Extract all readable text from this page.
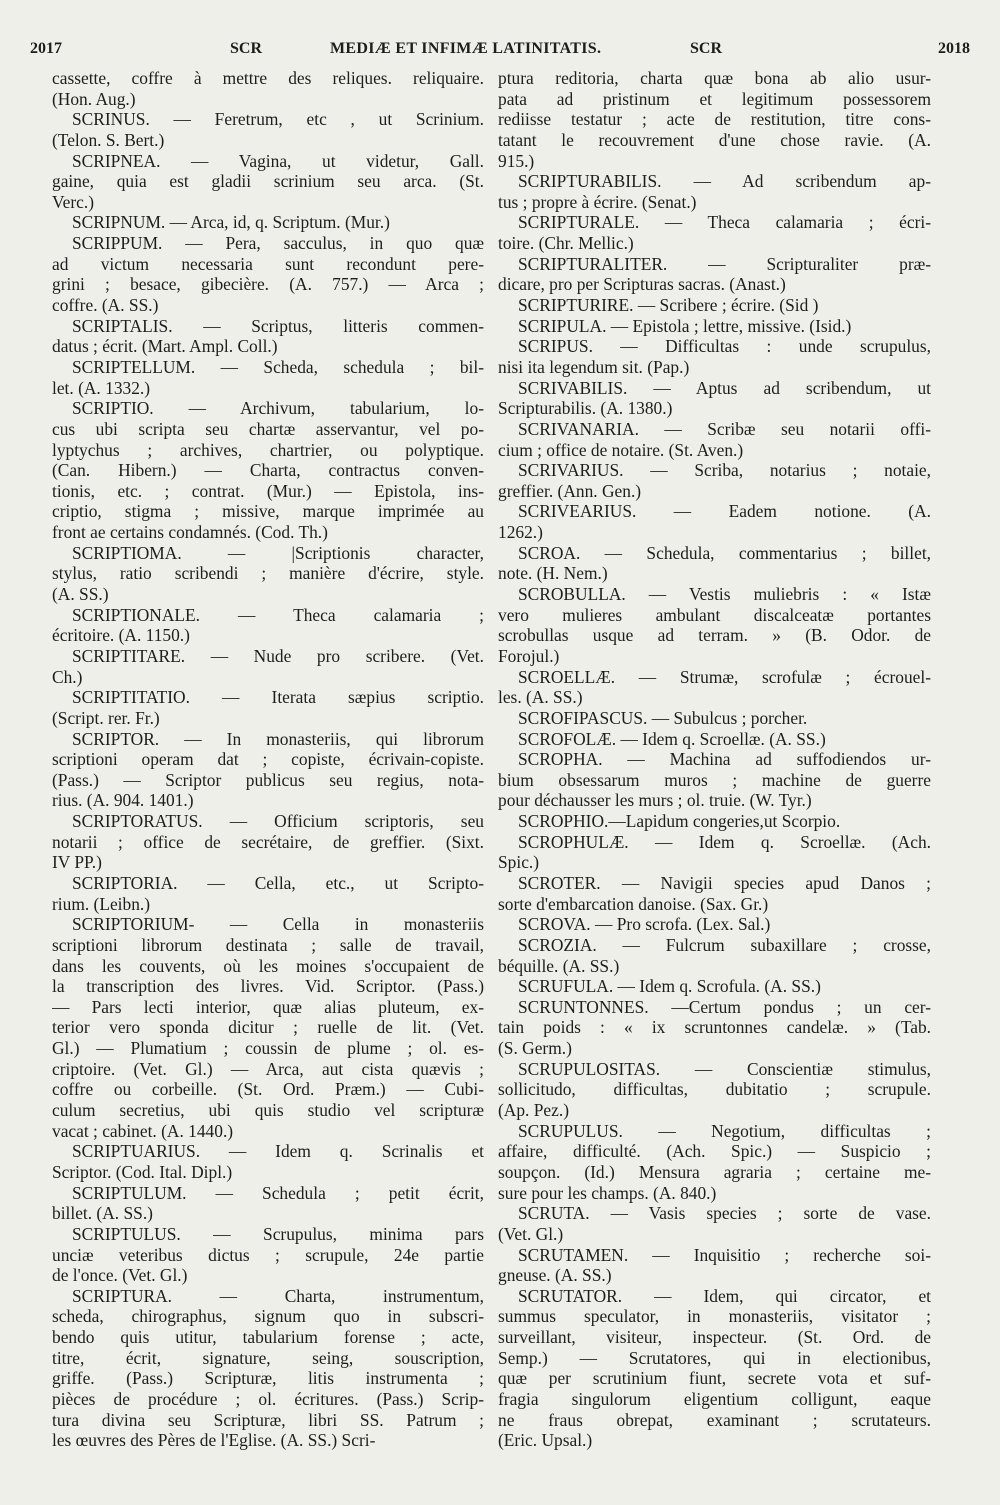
2017	SCR	MEDIÆ ET INFIMÆ LATINITATIS.	SCR	2018
cassette, coffre à mettre des reliques. reliquaire.
(Hon. Aug.)
SCRINUS. — Feretrum, etc , ut Scrinium.
(Telon. S. Bert.)
SCRIPNEA. — Vagina, ut videtur, Gall.
gaine, quia est gladii scrinium seu arca. (St.
Verc.)
SCRIPNUM. — Arca, id, q. Scriptum. (Mur.)
SCRIPPUM. — Pera, sacculus, in quo quæ
ad victum necessaria sunt recondunt pere-
grini ; besace, gibecière. (A. 757.) — Arca ;
coffre. (A. SS.)
SCRIPTALIS. — Scriptus, litteris commen-
datus ; écrit. (Mart. Ampl. Coll.)
SCRIPTELLUM. — Scheda, schedula ; bil-
let. (A. 1332.)
SCRIPTIO. — Archivum, tabularium, lo-
cus ubi scripta seu chartæ asservantur, vel po-
lyptychus ; archives, chartrier, ou polyptique.
(Can. Hibern.) — Charta, contractus conven-
tionis, etc. ; contrat. (Mur.) — Epistola, ins-
criptio, stigma ; missive, marque imprimée au
front ae certains condamnés. (Cod. Th.)
SCRIPTIOMA. — |Scriptionis character,
stylus, ratio scribendi ; manière d'écrire, style.
(A. SS.)
SCRIPTIONALE. — Theca calamaria ;
écritoire. (A. 1150.)
SCRIPTITARE. — Nude pro scribere. (Vet.
Ch.)
SCRIPTITATIO. — Iterata sæpius scriptio.
(Script. rer. Fr.)
SCRIPTOR. — In monasteriis, qui librorum
scriptioni operam dat ; copiste, écrivain-copiste.
(Pass.) — Scriptor publicus seu regius, nota-
rius. (A. 904. 1401.)
SCRIPTORATUS. — Officium scriptoris, seu
notarii ; office de secrétaire, de greffier. (Sixt.
IV PP.)
SCRIPTORIA. — Cella, etc., ut Scripto-
rium. (Leibn.)
SCRIPTORIUM- — Cella in monasteriis
scriptioni librorum destinata ; salle de travail,
dans les couvents, où les moines s'occupaient de
la transcription des livres. Vid. Scriptor. (Pass.)
— Pars lecti interior, quæ alias pluteum, ex-
terior vero sponda dicitur ; ruelle de lit. (Vet.
Gl.) — Plumatium ; coussin de plume ; ol. es-
criptoire. (Vet. Gl.) — Arca, aut cista quævis ;
coffre ou corbeille. (St. Ord. Præm.) — Cubi-
culum secretius, ubi quis studio vel scripturæ
vacat ; cabinet. (A. 1440.)
SCRIPTUARIUS. — Idem q. Scrinalis et
Scriptor. (Cod. Ital. Dipl.)
SCRIPTULUM. — Schedula ; petit écrit,
billet. (A. SS.)
SCRIPTULUS. — Scrupulus, minima pars
unciæ veteribus dictus ; scrupule, 24e partie
de l'once. (Vet. Gl.)
SCRIPTURA. — Charta, instrumentum,
scheda, chirographus, signum quo in subscri-
bendo quis utitur, tabularium forense ; acte,
titre, écrit, signature, seing, souscription,
griffe. (Pass.) Scripturæ, litis instrumenta ;
pièces de procédure ; ol. écritures. (Pass.) Scrip-
tura divina seu Scripturæ, libri SS. Patrum ;
les œuvres des Pères de l'Eglise. (A. SS.) Scri-
ptura reditoria, charta quæ bona ab alio usur-
pata ad pristinum et legitimum possessorem
rediisse testatur ; acte de restitution, titre cons-
tatant le recouvrement d'une chose ravie. (A.
915.)
SCRIPTURABILIS. — Ad scribendum ap-
tus ; propre à écrire. (Senat.)
SCRIPTURALE. — Theca calamaria ; écri-
toire. (Chr. Mellic.)
SCRIPTURALITER. — Scripturaliter præ-
dicare, pro per Scripturas sacras. (Anast.)
SCRIPTURIRE. — Scribere ; écrire. (Sid )
SCRIPULA. — Epistola ; lettre, missive. (Isid.)
SCRIPUS. — Difficultas : unde scrupulus,
nisi ita legendum sit. (Pap.)
SCRIVABILIS. — Aptus ad scribendum, ut
Scripturabilis. (A. 1380.)
SCRIVANARIA. — Scribæ seu notarii offi-
cium ; office de notaire. (St. Aven.)
SCRIVARIUS. — Scriba, notarius ; notaie,
greffier. (Ann. Gen.)
SCRIVEARIUS. — Eadem notione. (A.
1262.)
SCROA. — Schedula, commentarius ; billet,
note. (H. Nem.)
SCROBULLA. — Vestis muliebris : « Istæ
vero mulieres ambulant discalceatæ portantes
scrobullas usque ad terram. » (B. Odor. de
Forojul.)
SCROELLÆ. — Strumæ, scrofulæ ; écrouel-
les. (A. SS.)
SCROFIPASCUS. — Subulcus ; porcher.
SCROFOLÆ. — Idem q. Scroellæ. (A. SS.)
SCROPHA. — Machina ad suffodiendos ur-
bium obsessarum muros ; machine de guerre
pour déchausser les murs ; ol. truie. (W. Tyr.)
SCROPHIO.—Lapidum congeries,ut Scorpio.
SCROPHULÆ. — Idem q. Scroellæ. (Ach.
Spic.)
SCROTER. — Navigii species apud Danos ;
sorte d'embarcation danoise. (Sax. Gr.)
SCROVA. — Pro scrofa. (Lex. Sal.)
SCROZIA. — Fulcrum subaxillare ; crosse,
béquille. (A. SS.)
SCRUFULA. — Idem q. Scrofula. (A. SS.)
SCRUNTONNES. —Certum pondus ; un cer-
tain poids : « ix scruntonnes candelæ. » (Tab.
(S. Germ.)
SCRUPULOSITAS. — Conscientiæ stimulus,
sollicitudo, difficultas, dubitatio ; scrupule.
(Ap. Pez.)
SCRUPULUS. — Negotium, difficultas ;
affaire, difficulté. (Ach. Spic.) — Suspicio ;
soupçon. (Id.) Mensura agraria ; certaine me-
sure pour les champs. (A. 840.)
SCRUTA. — Vasis species ; sorte de vase.
(Vet. Gl.)
SCRUTAMEN. — Inquisitio ; recherche soi-
gneuse. (A. SS.)
SCRUTATOR. — Idem, qui circator, et
summus speculator, in monasteriis, visitator ;
surveillant, visiteur, inspecteur. (St. Ord. de
Semp.) — Scrutatores, qui in electionibus,
quæ per scrutinium fiunt, secrete vota et suf-
fragia singulorum eligentium colligunt, eaque
ne fraus obrepat, examinant ; scrutateurs.
(Eric. Upsal.)
